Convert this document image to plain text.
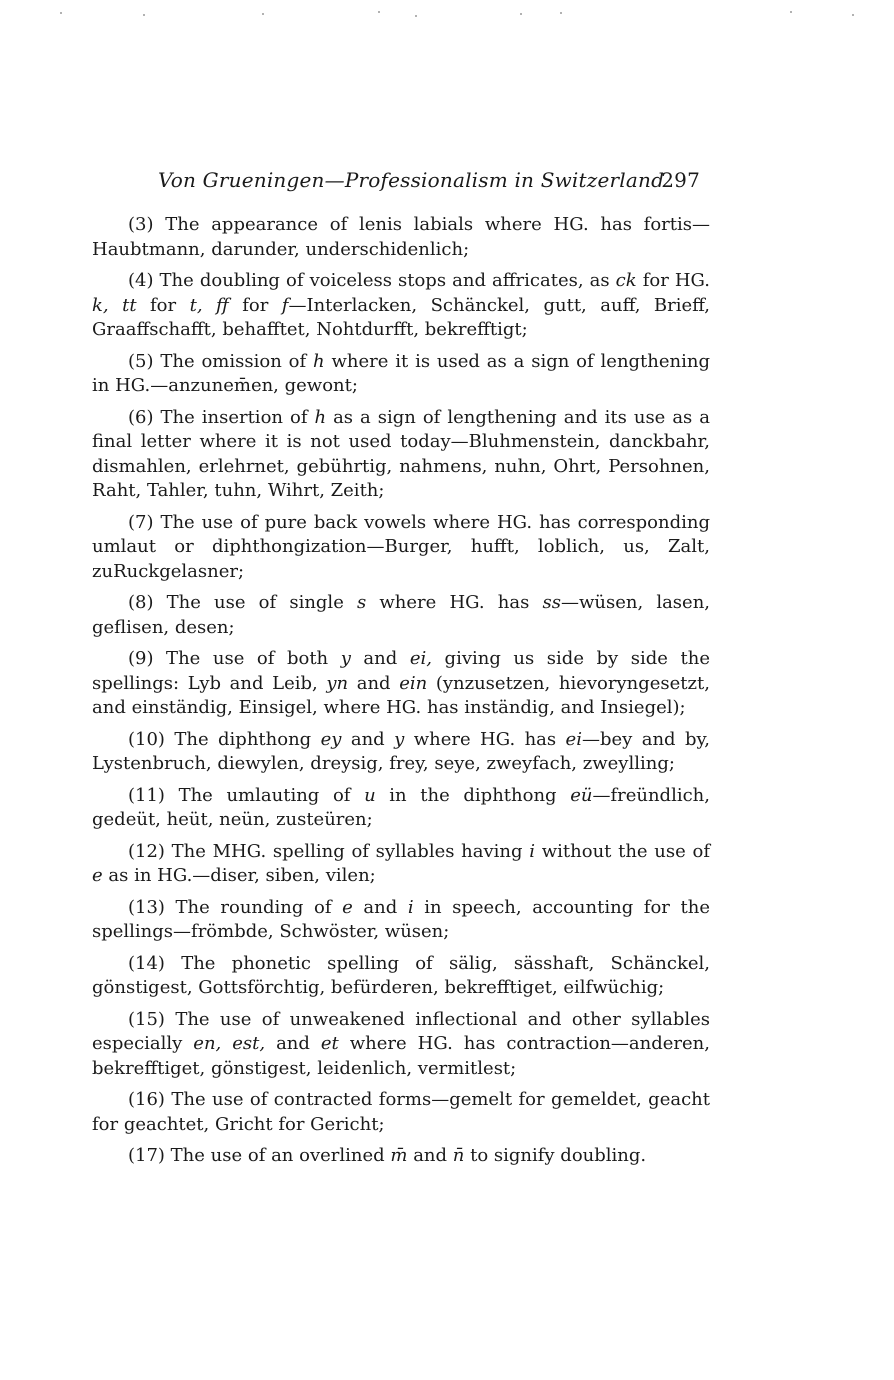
Von Grueningen—Professionalism in Switzerland
297

(3) The appearance of lenis labials where HG. has fortis—Haubtmann, darunder, underschidenlich;

(4) The doubling of voiceless stops and affricates, as ck for HG. k, tt for t, ff for f—Interlacken, Schänckel, gutt, auff, Brieff, Graaffschafft, behafftet, Nohtdurfft, bekrefftigt;

(5) The omission of h where it is used as a sign of lengthening in HG.—anzunem̄en, gewont;

(6) The insertion of h as a sign of lengthening and its use as a final letter where it is not used today—Bluhmenstein, danckbahr, dismahlen, erlehrnet, gebührtig, nahmens, nuhn, Ohrt, Persohnen, Raht, Tahler, tuhn, Wihrt, Zeith;

(7) The use of pure back vowels where HG. has corresponding umlaut or diphthongization—Burger, hufft, loblich, us, Zalt, zuRuckgelasner;

(8) The use of single s where HG. has ss—wüsen, lasen, geflisen, desen;

(9) The use of both y and ei, giving us side by side the spellings: Lyb and Leib, yn and ein (ynzusetzen, hievoryngesetzt, and einständig, Einsigel, where HG. has inständig, and Insiegel);

(10) The diphthong ey and y where HG. has ei—bey and by, Lystenbruch, diewylen, dreysig, frey, seye, zweyfach, zweylling;

(11) The umlauting of u in the diphthong eü—freündlich, gedeüt, heüt, neün, zusteüren;

(12) The MHG. spelling of syllables having i without the use of e as in HG.—diser, siben, vilen;

(13) The rounding of e and i in speech, accounting for the spellings—frömbde, Schwöster, wüsen;

(14) The phonetic spelling of sälig, sässhaft, Schänckel, gönstigest, Gottsförchtig, befürderen, bekrefftiget, eilfwüchig;

(15) The use of unweakened inflectional and other syllables especially en, est, and et where HG. has contraction—anderen, bekrefftiget, gönstigest, leidenlich, vermitlest;

(16) The use of contracted forms—gemelt for gemeldet, geacht for geachtet, Gricht for Gericht;

(17) The use of an overlined m̄ and n̄ to signify doubling.
